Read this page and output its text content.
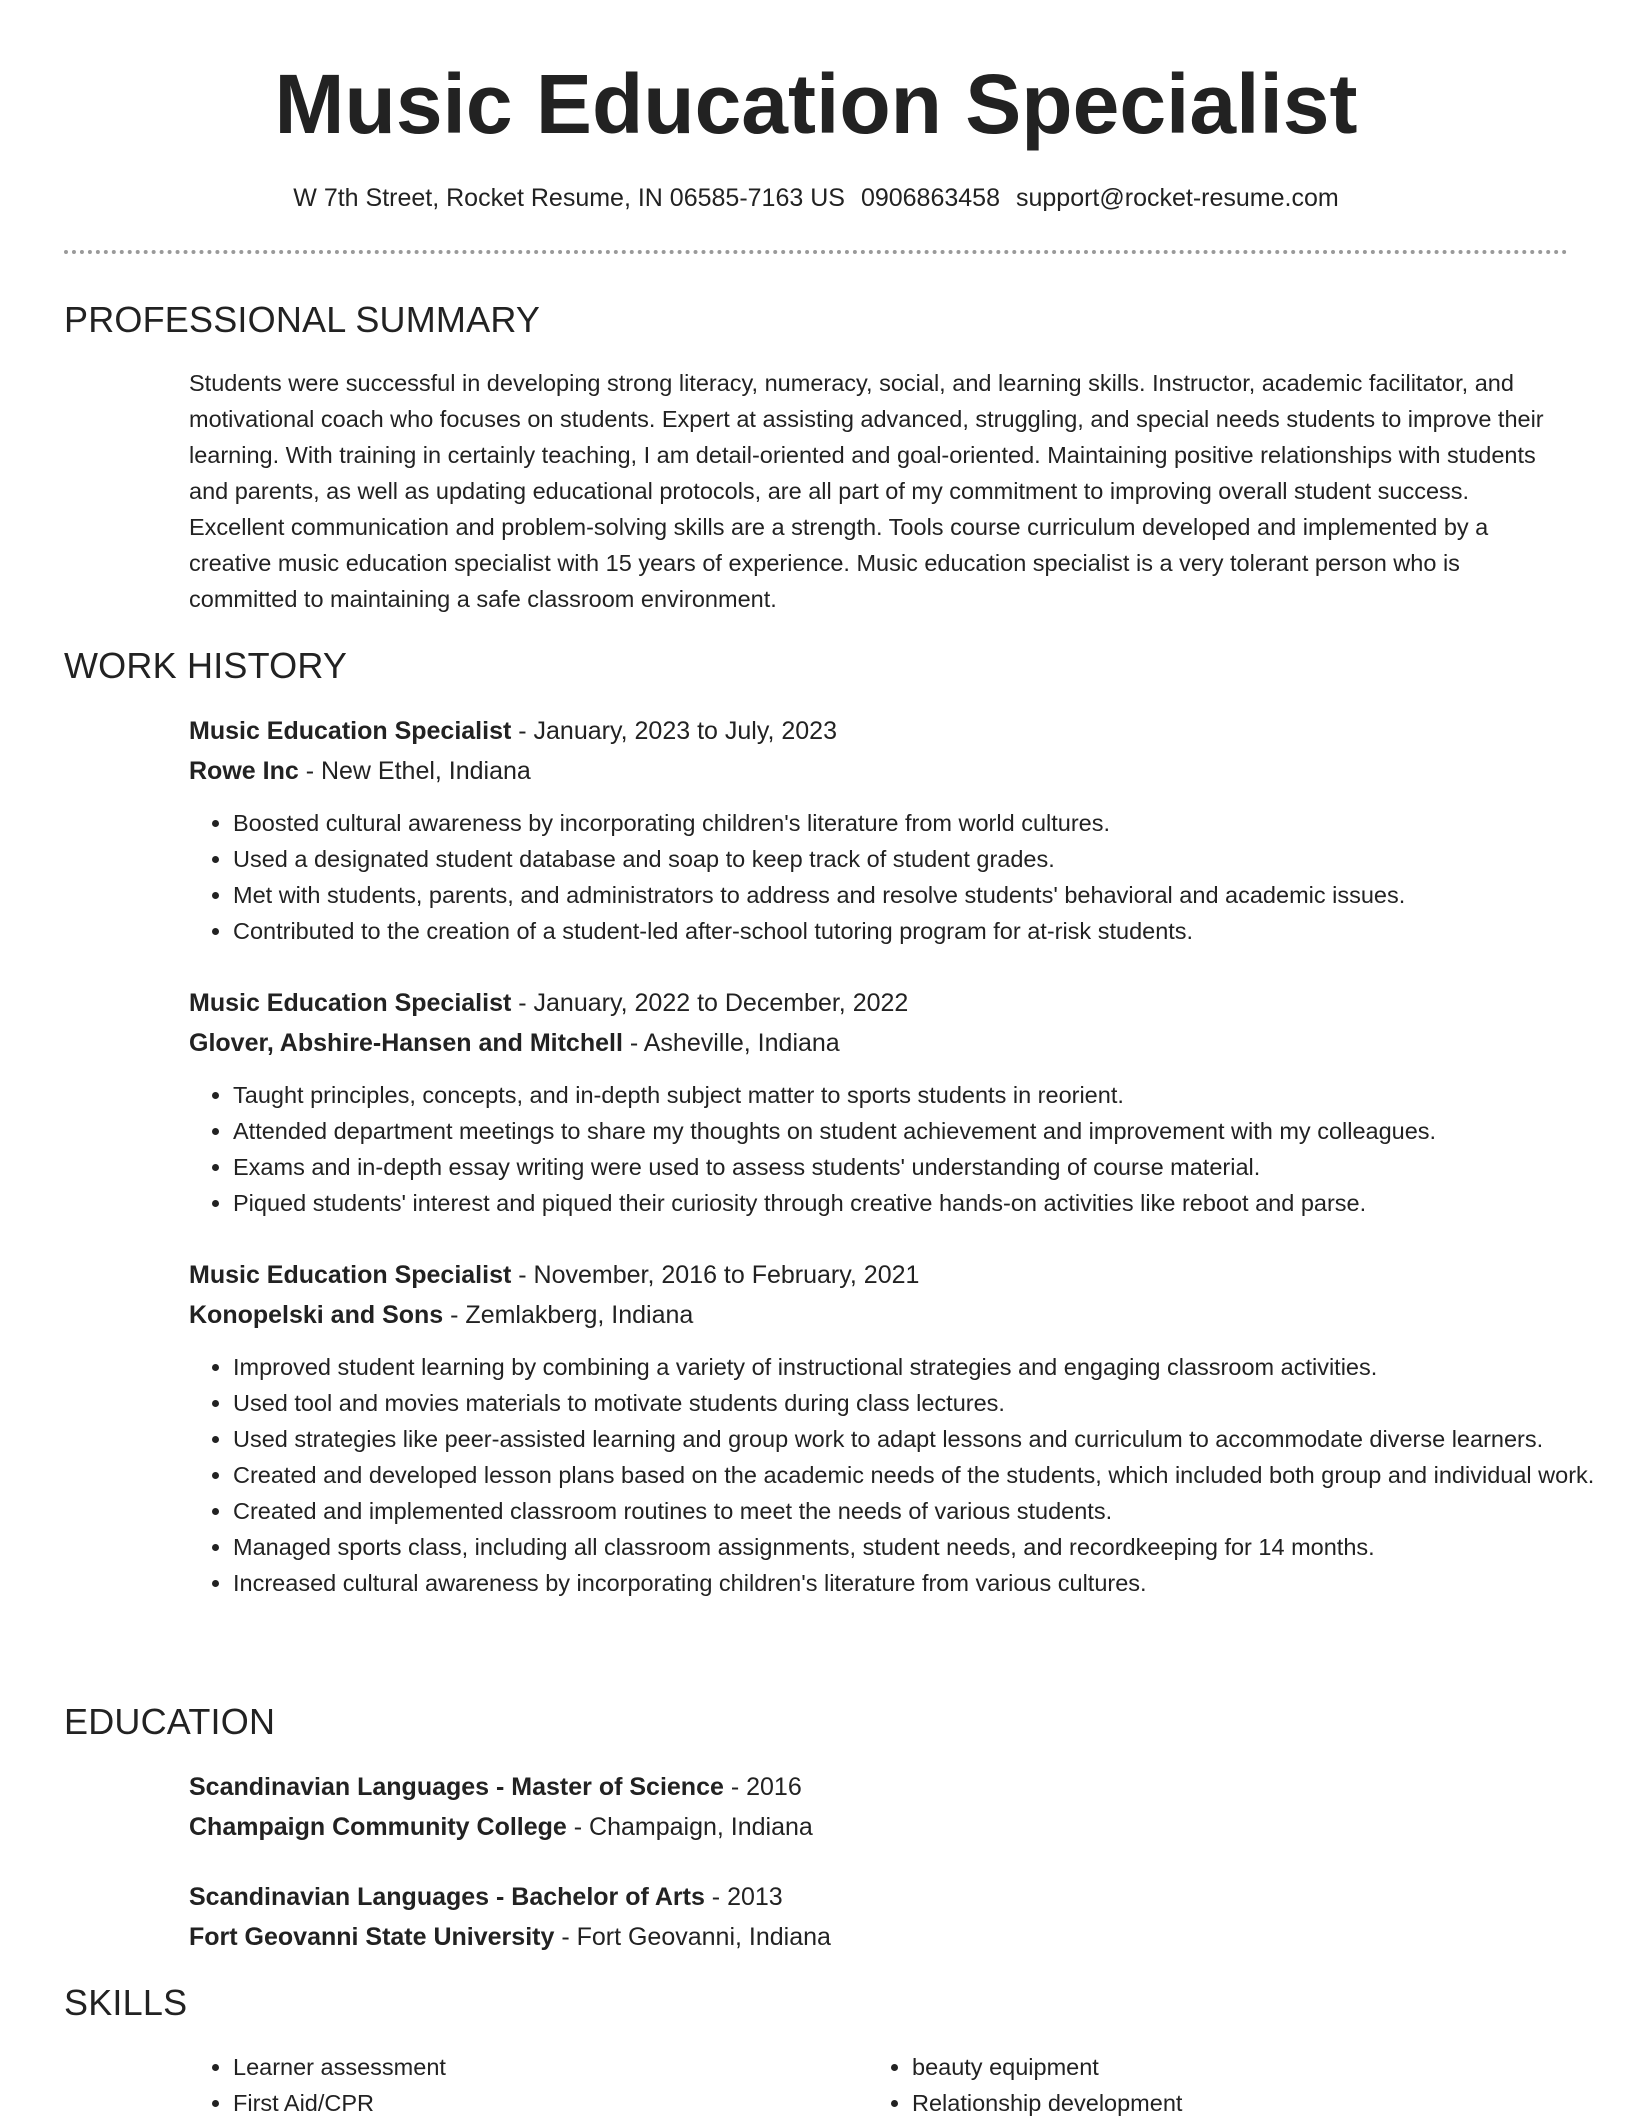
Music Education Specialist
W 7th Street, Rocket Resume, IN 06585-7163 US 0906863458 support@rocket-resume.com
PROFESSIONAL SUMMARY

Students were successful in developing strong literacy, numeracy, social, and learning skills. Instructor, academic facilitator, and motivational coach who focuses on students. Expert at assisting advanced, struggling, and special needs students to improve their learning. With training in certainly teaching, I am detail-oriented and goal-oriented. Maintaining positive relationships with students and parents, as well as updating educational protocols, are all part of my commitment to improving overall student success. Excellent communication and problem-solving skills are a strength. Tools course curriculum developed and implemented by a creative music education specialist with 15 years of experience. Music education specialist is a very tolerant person who is committed to maintaining a safe classroom environment.

WORK HISTORY
Music Education Specialist - January, 2023 to July, 2023
Rowe Inc - New Ethel, Indiana
• Boosted cultural awareness by incorporating children's literature from world cultures.
• Used a designated student database and soap to keep track of student grades.
• Met with students, parents, and administrators to address and resolve students' behavioral and academic issues.
• Contributed to the creation of a student-led after-school tutoring program for at-risk students.
Music Education Specialist - January, 2022 to December, 2022
Glover, Abshire-Hansen and Mitchell - Asheville, Indiana
• Taught principles, concepts, and in-depth subject matter to sports students in reorient.
• Attended department meetings to share my thoughts on student achievement and improvement with my colleagues.
• Exams and in-depth essay writing were used to assess students' understanding of course material.
• Piqued students' interest and piqued their curiosity through creative hands-on activities like reboot and parse.
Music Education Specialist - November, 2016 to February, 2021
Konopelski and Sons - Zemlakberg, Indiana
• Improved student learning by combining a variety of instructional strategies and engaging classroom activities.
• Used tool and movies materials to motivate students during class lectures.
• Used strategies like peer-assisted learning and group work to adapt lessons and curriculum to accommodate diverse learners.
• Created and developed lesson plans based on the academic needs of the students, which included both group and individual work.
• Created and implemented classroom routines to meet the needs of various students.
• Managed sports class, including all classroom assignments, student needs, and recordkeeping for 14 months.
• Increased cultural awareness by incorporating children's literature from various cultures.
EDUCATION
Scandinavian Languages - Master of Science - 2016
Champaign Community College - Champaign, Indiana
Scandinavian Languages - Bachelor of Arts - 2013
Fort Geovanni State University - Fort Geovanni, Indiana
SKILLS
• Learner assessment
• First Aid/CPR
• beauty equipment
• Relationship development
